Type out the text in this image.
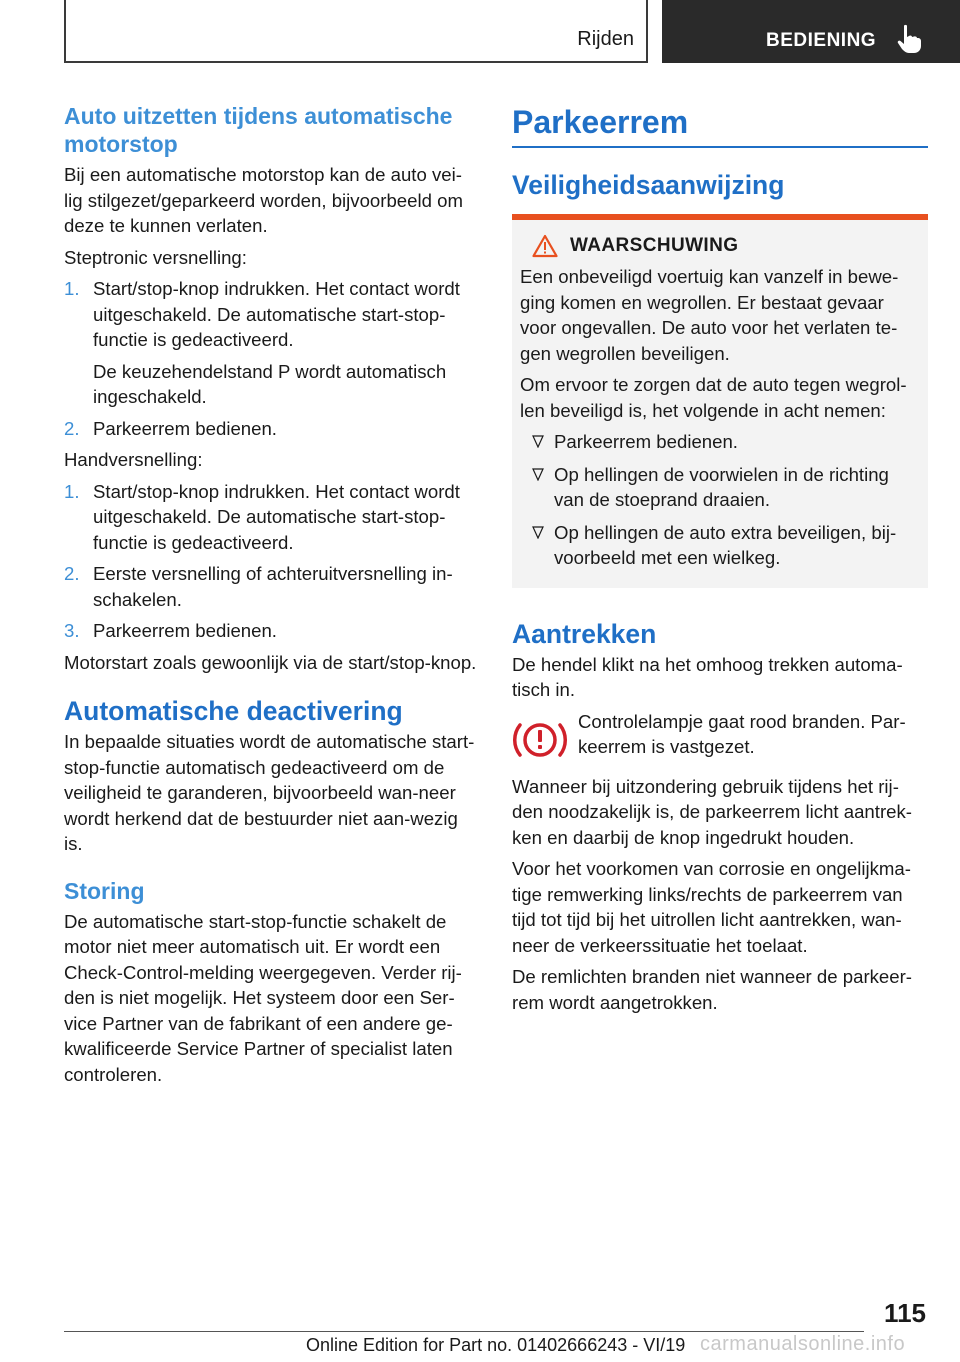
Rijden	BEDIENING
Auto uitzetten tijdens automatische motorstop

Bij een automatische motorstop kan de auto vei-lig stilgezet/geparkeerd worden, bijvoorbeeld om deze te kunnen verlaten.

Steptronic versnelling:

1. Start/stop-knop indrukken. Het contact wordt uitgeschakeld. De automatische start-stop-functie is gedeactiveerd.
De keuzehendelstand P wordt automatisch ingeschakeld.
2. Parkeerrem bedienen.

Handversnelling:

1. Start/stop-knop indrukken. Het contact wordt uitgeschakeld. De automatische start-stop-functie is gedeactiveerd.
2. Eerste versnelling of achteruitversnelling in-schakelen.
3. Parkeerrem bedienen.

Motorstart zoals gewoonlijk via de start/stop-knop.

Automatische deactivering

In bepaalde situaties wordt de automatische start-stop-functie automatisch gedeactiveerd om de veiligheid te garanderen, bijvoorbeeld wan-neer wordt herkend dat de bestuurder niet aan-wezig is.

Storing

De automatische start-stop-functie schakelt de motor niet meer automatisch uit. Er wordt een Check-Control-melding weergegeven. Verder rij-den is niet mogelijk. Het systeem door een Ser-vice Partner van de fabrikant of een andere ge-kwalificeerde Service Partner of specialist laten controleren.

Parkeerrem
Veiligheidsaanwijzing
WAARSCHUWING

Een onbeveiligd voertuig kan vanzelf in bewe-ging komen en wegrollen. Er bestaat gevaar voor ongevallen. De auto voor het verlaten te-gen wegrollen beveiligen.

Om ervoor te zorgen dat de auto tegen wegrol-len beveiligd is, het volgende in acht nemen:

Parkeerrem bedienen.
Op hellingen de voorwielen in de richting van de stoeprand draaien.
Op hellingen de auto extra beveiligen, bij-voorbeeld met een wielkeg.
Aantrekken

De hendel klikt na het omhoog trekken automa-tisch in.

Controlelampje gaat rood branden. Par-keerrem is vastgezet.

Wanneer bij uitzondering gebruik tijdens het rij-den noodzakelijk is, de parkeerrem licht aantrek-ken en daarbij de knop ingedrukt houden.

Voor het voorkomen van corrosie en ongelijkma-tige remwerking links/rechts de parkeerrem van tijd tot tijd bij het uitrollen licht aantrekken, wan-neer de verkeerssituatie het toelaat.

De remlichten branden niet wanneer de parkeer-rem wordt aangetrokken.

115
Online Edition for Part no. 01402666243 - VI/19 carmanualsonline.info
